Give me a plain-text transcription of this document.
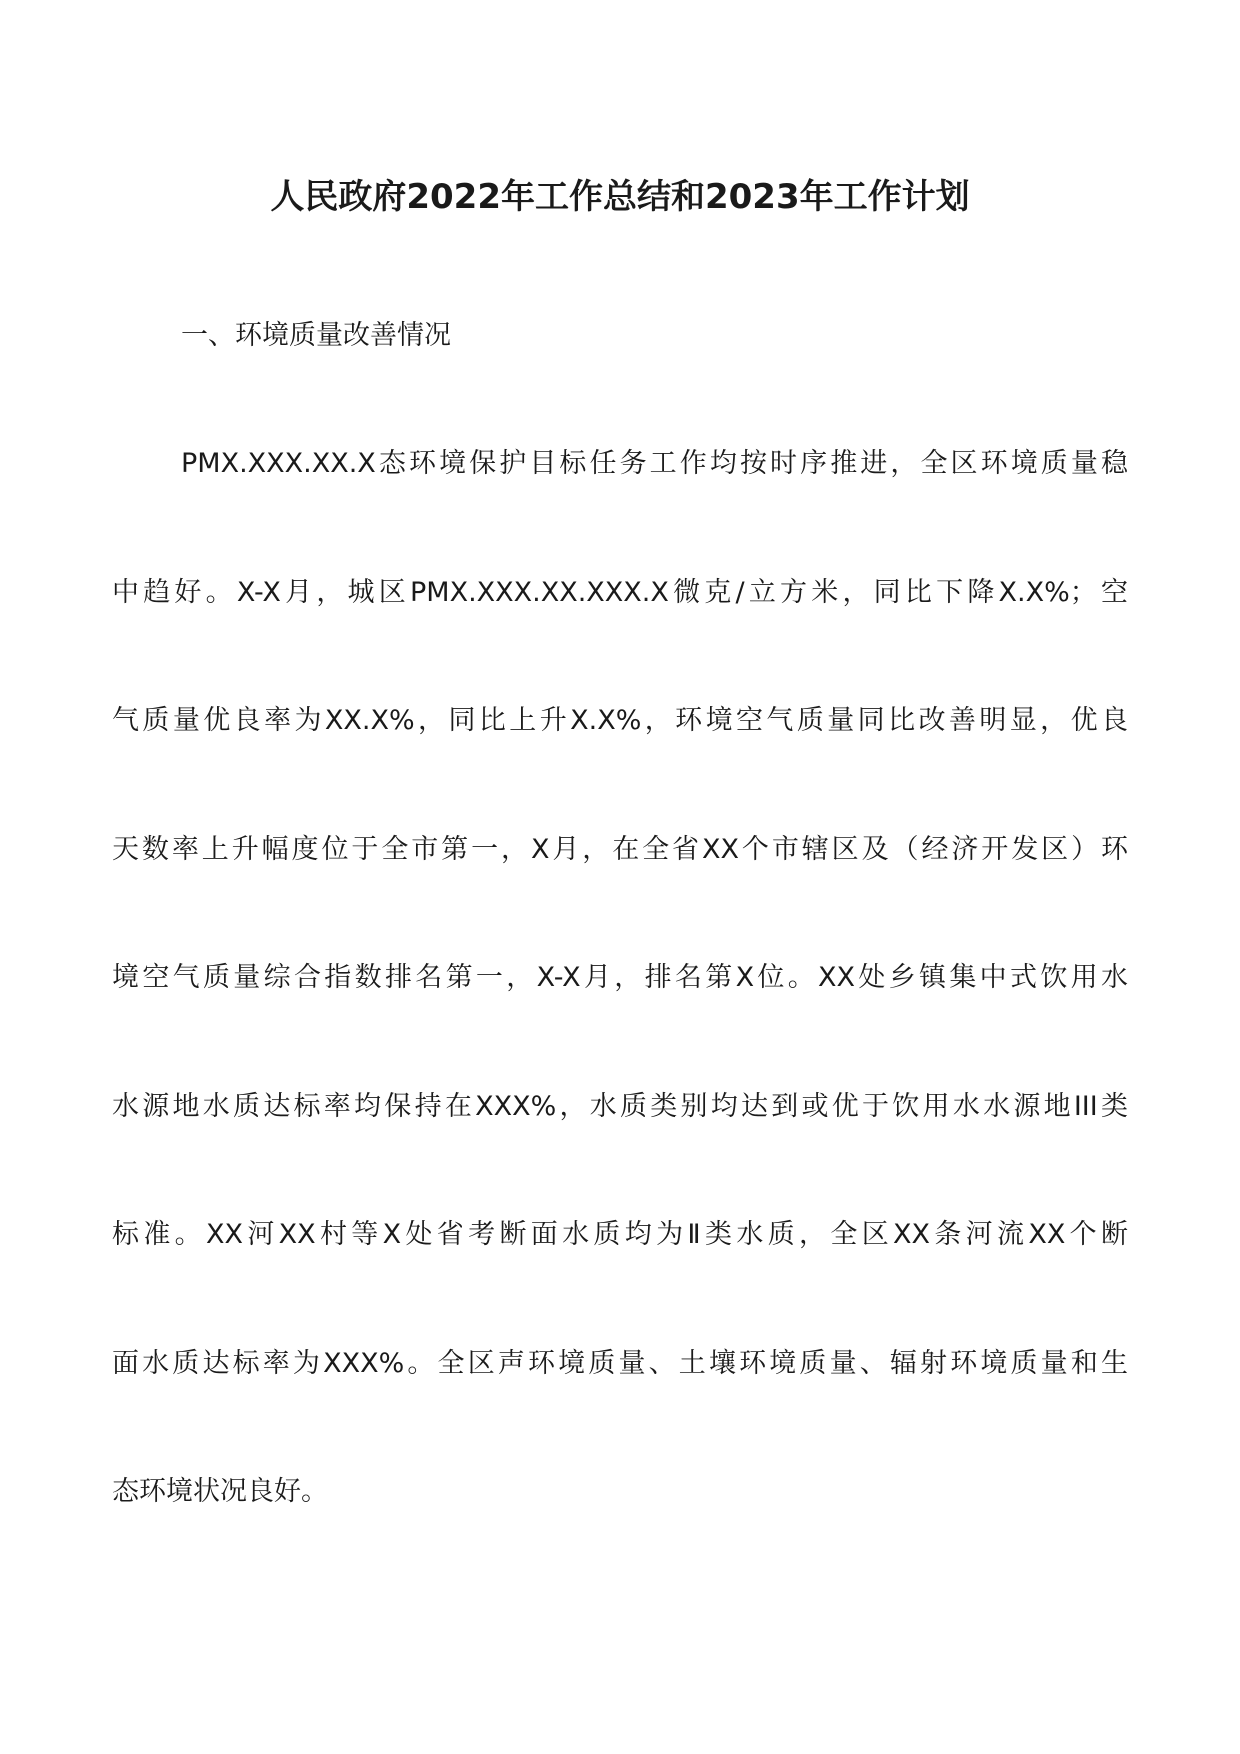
人民政府2022年工作总结和2023年工作计划

一、环境质量改善情况

PMX.XXX.XX.X态环境保护目标任务工作均按时序推进，全区环境质量稳

中趋好。X-X月，城区PMX.XXX.XX.XXX.X微克/立方米，同比下降X.X%；空

气质量优良率为XX.X%，同比上升X.X%，环境空气质量同比改善明显，优良

天数率上升幅度位于全市第一，X月，在全省XX个市辖区及（经济开发区）环

境空气质量综合指数排名第一，X-X月，排名第X位。XX处乡镇集中式饮用水

水源地水质达标率均保持在XXX%，水质类别均达到或优于饮用水水源地III类

标准。XX河XX村等X处省考断面水质均为Ⅱ类水质，全区XX条河流XX个断

面水质达标率为XXX%。全区声环境质量、土壤环境质量、辐射环境质量和生

态环境状况良好。
